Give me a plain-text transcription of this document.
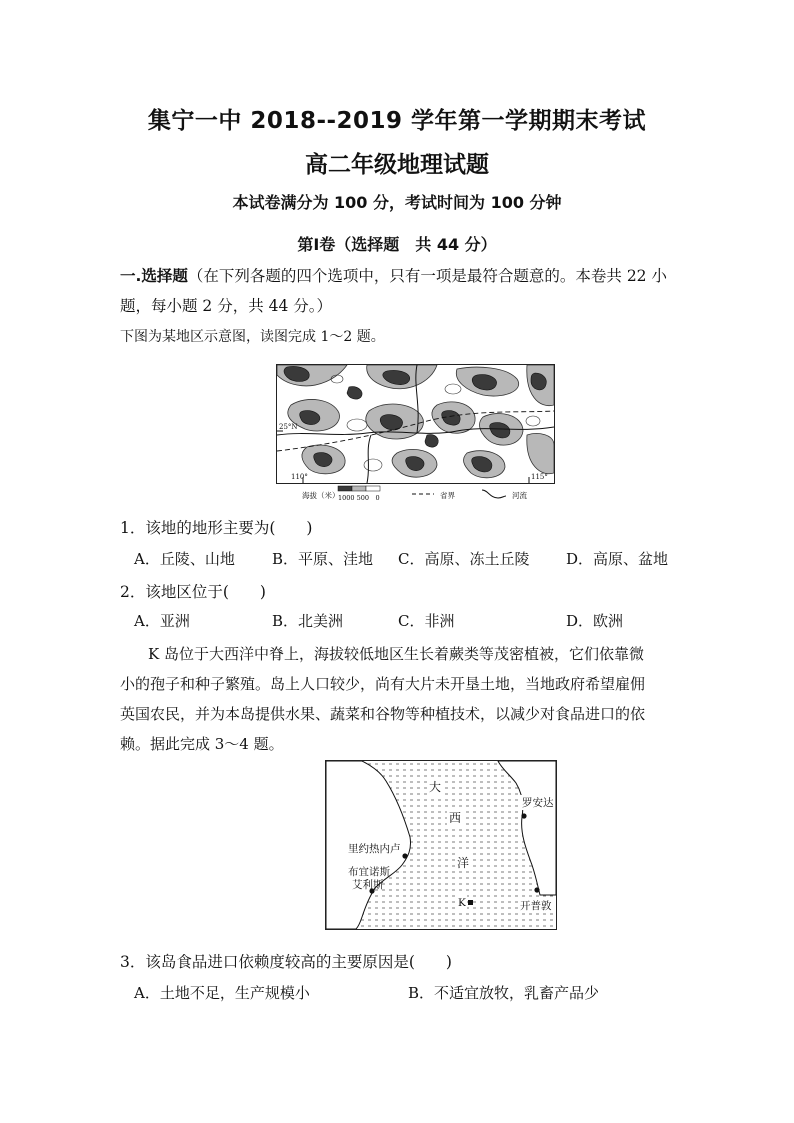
集宁一中 2018--2019 学年第一学期期末考试
高二年级地理试题
本试卷满分为 100 分，考试时间为 100 分钟
第Ⅰ卷（选择题　共 44 分）
一.选择题（在下列各题的四个选项中，只有一项是最符合题意的。本卷共 22 小
题，每小题 2 分，共 44 分。）
下图为某地区示意图，读图完成 1～2 题。
25°N
110°	115°
海拔（米）
1000 500　0	省界	河流
1．该地的地形主要为(　　)
A．丘陵、山地 B．平原、洼地 C．高原、冻土丘陵 D．高原、盆地
2．该地区位于(　　)
A．亚洲	B．北美洲	C．非洲	D．欧洲
K 岛位于大西洋中脊上，海拔较低地区生长着蕨类等茂密植被，它们依靠微
小的孢子和种子繁殖。岛上人口较少，尚有大片未开垦土地，当地政府希望雇佣
英国农民，并为本岛提供水果、蔬菜和谷物等种植技术，以减少对食品进口的依
赖。据此完成 3～4 题。
大
西
洋
里约热内卢
布宜诺斯
艾利斯
罗安达
开普敦
K
3．该岛食品进口依赖度较高的主要原因是(　　)
A．土地不足，生产规模小	B．不适宜放牧，乳畜产品少
